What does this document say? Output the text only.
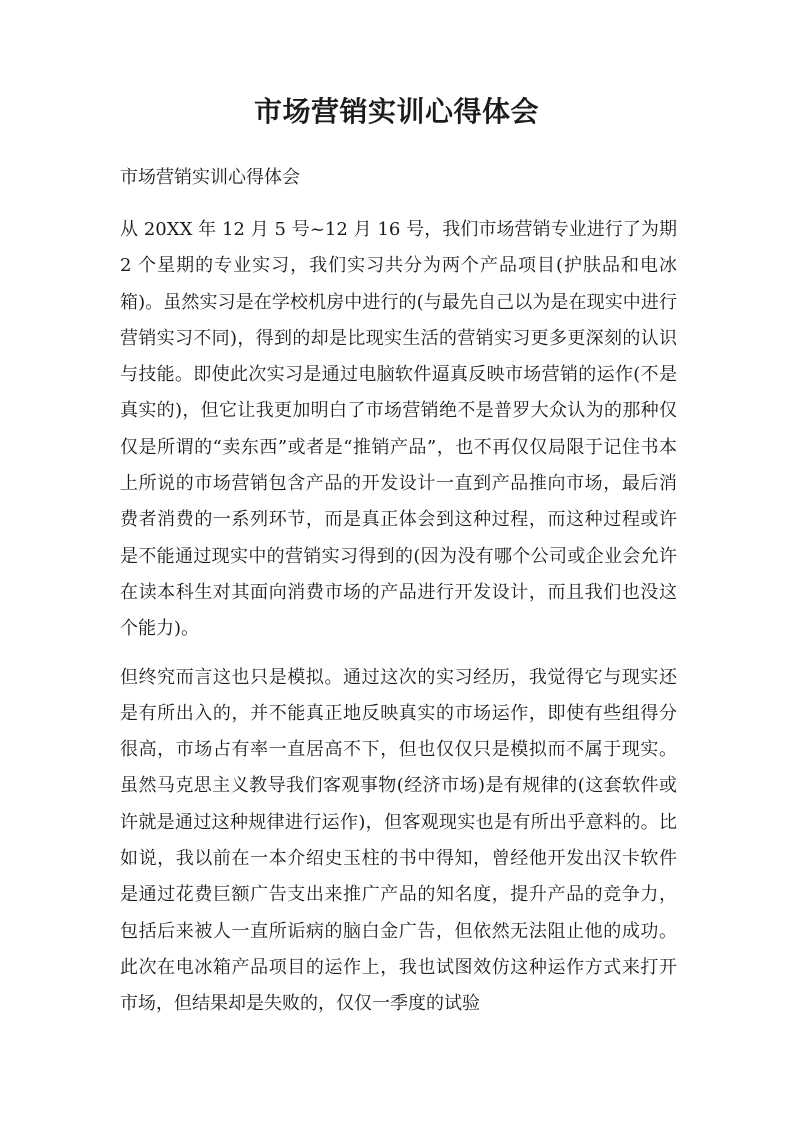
市场营销实训心得体会

市场营销实训心得体会

从 20XX 年 12 月 5 号~12 月 16 号，我们市场营销专业进行了为期 2 个星期的专业实习，我们实习共分为两个产品项目(护肤品和电冰箱)。虽然实习是在学校机房中进行的(与最先自己以为是在现实中进行营销实习不同)，得到的却是比现实生活的营销实习更多更深刻的认识与技能。即使此次实习是通过电脑软件逼真反映市场营销的运作(不是真实的)，但它让我更加明白了市场营销绝不是普罗大众认为的那种仅仅是所谓的“卖东西”或者是“推销产品”，也不再仅仅局限于记住书本上所说的市场营销包含产品的开发设计一直到产品推向市场，最后消费者消费的一系列环节，而是真正体会到这种过程，而这种过程或许是不能通过现实中的营销实习得到的(因为没有哪个公司或企业会允许在读本科生对其面向消费市场的产品进行开发设计，而且我们也没这个能力)。

但终究而言这也只是模拟。通过这次的实习经历，我觉得它与现实还是有所出入的，并不能真正地反映真实的市场运作，即使有些组得分很高，市场占有率一直居高不下，但也仅仅只是模拟而不属于现实。虽然马克思主义教导我们客观事物(经济市场)是有规律的(这套软件或许就是通过这种规律进行运作)，但客观现实也是有所出乎意料的。比如说，我以前在一本介绍史玉柱的书中得知，曾经他开发出汉卡软件是通过花费巨额广告支出来推广产品的知名度，提升产品的竞争力，包括后来被人一直所诟病的脑白金广告，但依然无法阻止他的成功。此次在电冰箱产品项目的运作上，我也试图效仿这种运作方式来打开市场，但结果却是失败的，仅仅一季度的试验
